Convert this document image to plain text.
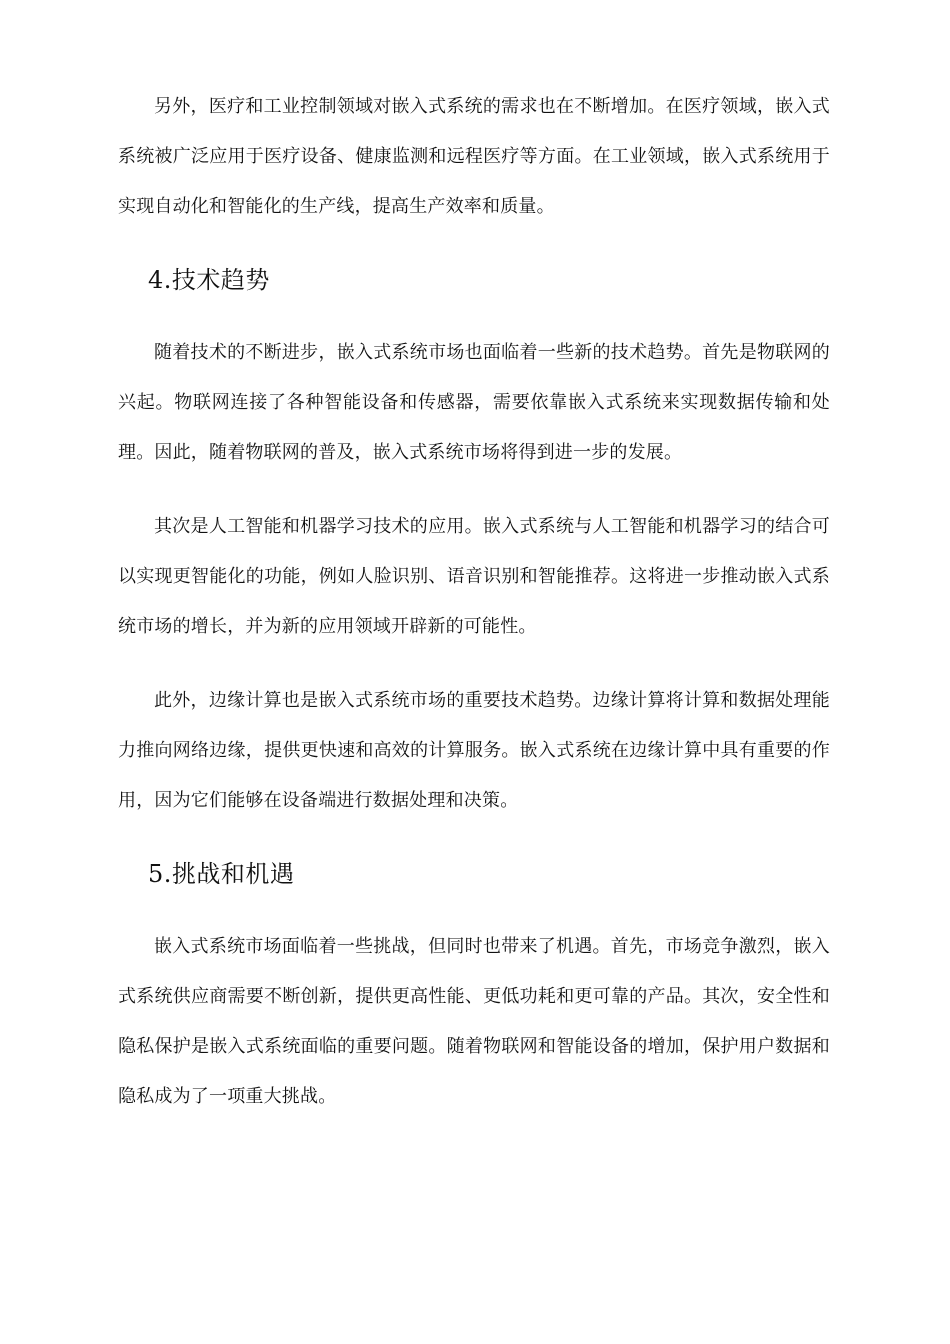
另外，医疗和工业控制领域对嵌入式系统的需求也在不断增加。在医疗领域，嵌入式系统被广泛应用于医疗设备、健康监测和远程医疗等方面。在工业领域，嵌入式系统用于实现自动化和智能化的生产线，提高生产效率和质量。

4.技术趋势

随着技术的不断进步，嵌入式系统市场也面临着一些新的技术趋势。首先是物联网的兴起。物联网连接了各种智能设备和传感器，需要依靠嵌入式系统来实现数据传输和处理。因此，随着物联网的普及，嵌入式系统市场将得到进一步的发展。

其次是人工智能和机器学习技术的应用。嵌入式系统与人工智能和机器学习的结合可以实现更智能化的功能，例如人脸识别、语音识别和智能推荐。这将进一步推动嵌入式系统市场的增长，并为新的应用领域开辟新的可能性。

此外，边缘计算也是嵌入式系统市场的重要技术趋势。边缘计算将计算和数据处理能力推向网络边缘，提供更快速和高效的计算服务。嵌入式系统在边缘计算中具有重要的作用，因为它们能够在设备端进行数据处理和决策。

5.挑战和机遇

嵌入式系统市场面临着一些挑战，但同时也带来了机遇。首先，市场竞争激烈，嵌入式系统供应商需要不断创新，提供更高性能、更低功耗和更可靠的产品。其次，安全性和隐私保护是嵌入式系统面临的重要问题。随着物联网和智能设备的增加，保护用户数据和隐私成为了一项重大挑战。
